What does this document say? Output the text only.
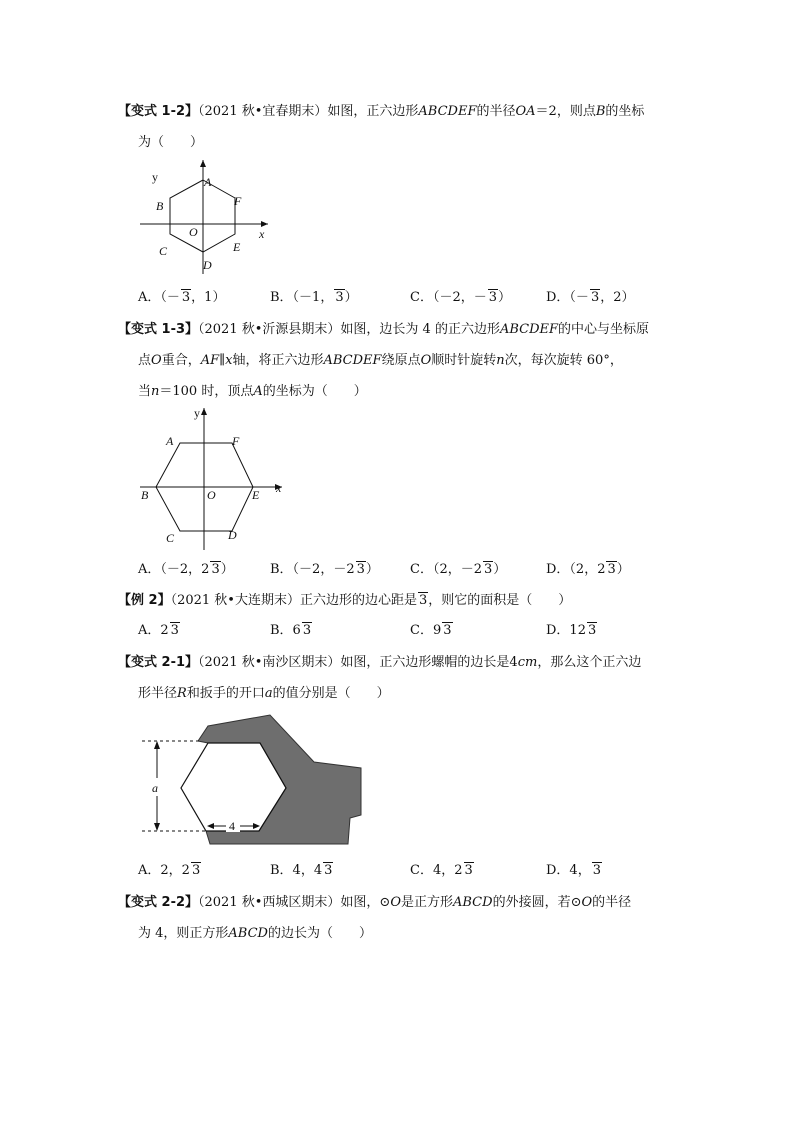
【变式 1-2】（2021 秋•宜春期末）如图，正六边形ABCDEF的半径OA＝2，则点B的坐标
为（　　）
y	A
F
B
O	x
C	E
D
A．（－ 3，1）	B．（－1， 3）	C．（－2，－ 3）	D．（－ 3，2）
【变式 1-3】（2021 秋•沂源县期末）如图，边长为 4 的正六边形ABCDEF的中心与坐标原
点O重合，AF∥x轴，将正六边形ABCDEF绕原点O顺时针旋转n次，每次旋转 60°，
当n＝100 时，顶点A的坐标为（　　）
y
A	F
B	O	E x
C	D
A．（－2，2 3）	B．（－2，－2 3） C．（2，－2 3）	D．（2，2 3）
【例 2】（2021 秋•大连期末）正六边形的边心距是 3，则它的面积是（　　）
A．2 3	B．6 3	C．9 3	D．12 3
【变式 2-1】（2021 秋•南沙区期末）如图，正六边形螺帽的边长是4cm，那么这个正六边
形半径R和扳手的开口a的值分别是（　　）
a
4
A．2，2 3	B．4，4 3	C．4，2 3	D．4， 3
【变式 2-2】（2021 秋•西城区期末）如图，⊙O是正方形ABCD的外接圆，若⊙O的半径
为 4，则正方形ABCD的边长为（　　）
